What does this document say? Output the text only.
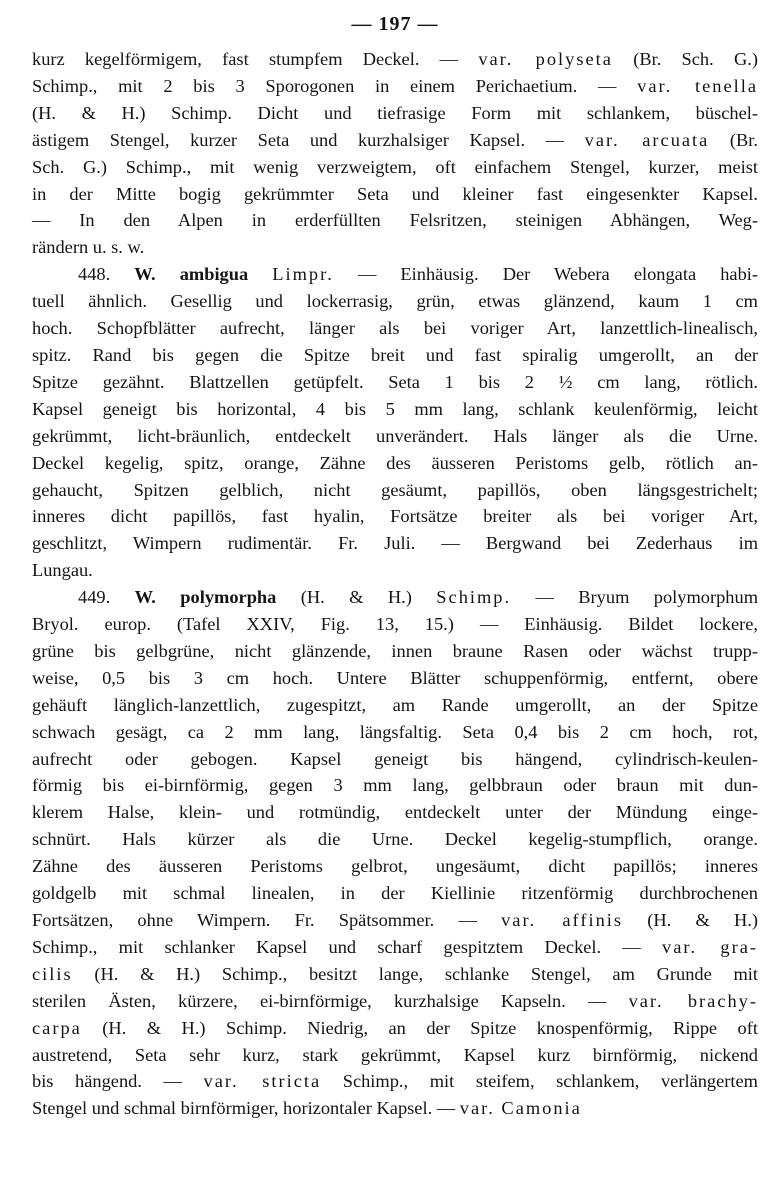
— 197 —

kurz kegelförmigem, fast stumpfem Deckel. — var. polyseta (Br. Sch. G.)

Schimp., mit 2 bis 3 Sporogonen in einem Perichaetium. — var. tenella

(H. & H.) Schimp. Dicht und tiefrasige Form mit schlankem, büschel-

ästigem Stengel, kurzer Seta und kurzhalsiger Kapsel. — var. arcuata (Br.

Sch. G.) Schimp., mit wenig verzweigtem, oft einfachem Stengel, kurzer, meist

in der Mitte bogig gekrümmter Seta und kleiner fast eingesenkter Kapsel.

— In den Alpen in erderfüllten Felsritzen, steinigen Abhängen, Weg-

rändern u. s. w.

448. W. ambigua Limpr. — Einhäusig. Der Webera elongata habi-

tuell ähnlich. Gesellig und lockerrasig, grün, etwas glänzend, kaum 1 cm

hoch. Schopfblätter aufrecht, länger als bei voriger Art, lanzettlich-linealisch,

spitz. Rand bis gegen die Spitze breit und fast spiralig umgerollt, an der

Spitze gezähnt. Blattzellen getüpfelt. Seta 1 bis 2 ½ cm lang, rötlich.

Kapsel geneigt bis horizontal, 4 bis 5 mm lang, schlank keulenförmig, leicht

gekrümmt, licht-bräunlich, entdeckelt unverändert. Hals länger als die Urne.

Deckel kegelig, spitz, orange, Zähne des äusseren Peristoms gelb, rötlich an-

gehaucht, Spitzen gelblich, nicht gesäumt, papillös, oben längsgestrichelt;

inneres dicht papillös, fast hyalin, Fortsätze breiter als bei voriger Art,

geschlitzt, Wimpern rudimentär. Fr. Juli. — Bergwand bei Zederhaus im

Lungau.

449. W. polymorpha (H. & H.) Schimp. — Bryum polymorphum

Bryol. europ. (Tafel XXIV, Fig. 13, 15.) — Einhäusig. Bildet lockere,

grüne bis gelbgrüne, nicht glänzende, innen braune Rasen oder wächst trupp-

weise, 0,5 bis 3 cm hoch. Untere Blätter schuppenförmig, entfernt, obere

gehäuft länglich-lanzettlich, zugespitzt, am Rande umgerollt, an der Spitze

schwach gesägt, ca 2 mm lang, längsfaltig. Seta 0,4 bis 2 cm hoch, rot,

aufrecht oder gebogen. Kapsel geneigt bis hängend, cylindrisch-keulen-

förmig bis ei-birnförmig, gegen 3 mm lang, gelbbraun oder braun mit dun-

klerem Halse, klein- und rotmündig, entdeckelt unter der Mündung einge-

schnürt. Hals kürzer als die Urne. Deckel kegelig-stumpflich, orange.

Zähne des äusseren Peristoms gelbrot, ungesäumt, dicht papillös; inneres

goldgelb mit schmal linealen, in der Kiellinie ritzenförmig durchbrochenen

Fortsätzen, ohne Wimpern. Fr. Spätsommer. — var. affinis (H. & H.)

Schimp., mit schlanker Kapsel und scharf gespitztem Deckel. — var. gra-

cilis (H. & H.) Schimp., besitzt lange, schlanke Stengel, am Grunde mit

sterilen Ästen, kürzere, ei-birnförmige, kurzhalsige Kapseln. — var. brachy-

carpa (H. & H.) Schimp. Niedrig, an der Spitze knospenförmig, Rippe oft

austretend, Seta sehr kurz, stark gekrümmt, Kapsel kurz birnförmig, nickend

bis hängend. — var. stricta Schimp., mit steifem, schlankem, verlängertem

Stengel und schmal birnförmiger, horizontaler Kapsel. — var. Camonia
